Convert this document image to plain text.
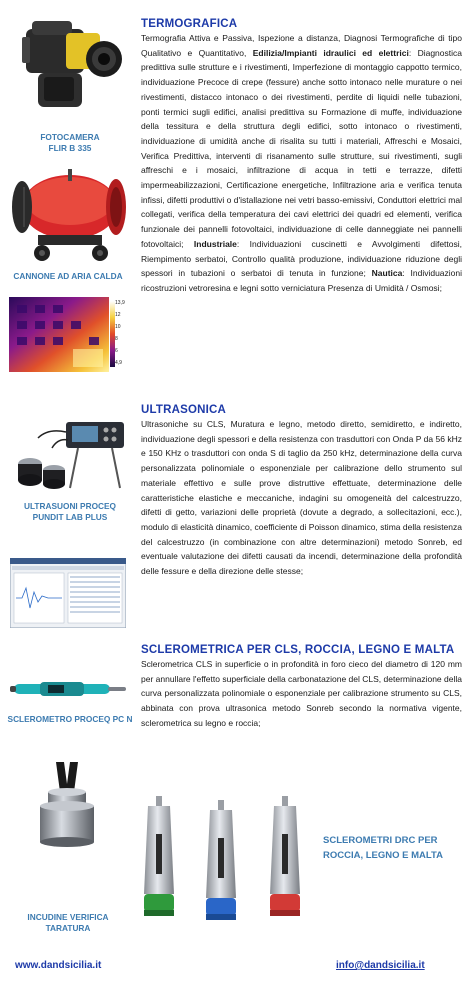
FOTOCAMERA
FLIR B 335
CANNONE AD ARIA CALDA
13,9
12
10
8
6
4,9
ULTRASUONI PROCEQ
PUNDIT LAB PLUS
SCLEROMETRO PROCEQ PC N
INCUDINE VERIFICA
TARATURA
SCLEROMETRI DRC PER
ROCCIA, LEGNO E MALTA
TERMOGRAFICA
Termografia Attiva e Passiva, Ispezione a distanza, Diagnosi Termografiche di tipo Qualitativo e Quantitativo, Edilizia/Impianti idraulici ed elettrici: Diagnostica predittiva sulle strutture e i rivestimenti, Imperfezione di montaggio cappotto termico, individuazione Precoce di crepe (fessure) anche sotto intonaco nelle murature o nei rivestimenti, distacco intonaco o dei rivestimenti, perdite di liquidi nelle tubazioni, ponti termici sugli edifici, analisi predittiva su Formazione di muffe, individuazione della tessitura e della struttura degli edifici, sotto intonaco o rivestimenti, individuazione di umidità anche di risalita su tutti i materiali, Affreschi e Mosaici, Verifica Predittiva, interventi di risanamento sulle strutture, sui rivestimenti, sugli affreschi e i mosaici, infiltrazione di acqua in tetti e terrazze, difetti impermeabilizzazioni, Certificazione energetiche, Infiltrazione aria e verifica tenuta infissi, difetti produttivi o d'istallazione nei vetri basso-emissivi, Conduttori elettrici mal collegati, verifica della temperatura dei cavi elettrici dei quadri ed elementi, verifica funzionale dei pannelli fotovoltaici, individuazione di celle danneggiate nei pannelli fotovoltaici; Industriale: Individuazioni cuscinetti e Avvolgimenti difettosi, Riempimento serbatoi, Controllo qualità produzione, individuazione riduzione degli spessori in tubazioni o serbatoi di tenuta in funzione; Nautica: Individuazioni ricostruzioni vetroresina e legni sotto verniciatura Presenza di Umidità / Osmosi;
ULTRASONICA
Ultrasoniche su CLS, Muratura e legno, metodo diretto, semidiretto, e indiretto, individuazione degli spessori e della resistenza con trasduttori con Onda P da 56 kHz e 150 KHz o trasduttori con onda S di taglio da 250 kHz, determinazione della curva personalizzata polinomiale o esponenziale per calibrazione dello strumento sul materiale effettivo e sulle prove distruttive effettuate, determinazione delle caratteristiche elastiche e meccaniche, indagini su omogeneità del calcestruzzo, difetti di getto, variazioni delle proprietà (dovute a degrado, a sollecitazioni, ecc.), modulo di elasticità dinamico, coefficiente di Poisson dinamico, stima della resistenza del calcestruzzo (in combinazione con altre determinazioni) metodo Sonreb, ed eventuale valutazione dei difetti causati da incendi, determinazione della profondità delle fessure e della direzione delle stesse;
SCLEROMETRICA PER CLS, ROCCIA, LEGNO E MALTA
Sclerometrica CLS in superficie o in profondità in foro cieco del diametro di 120 mm per annullare l'effetto superficiale della carbonatazione del CLS, determinazione della curva personalizzata polinomiale o esponenziale per calibrazione strumento su CLS, abbinata con prova ultrasonica metodo Sonreb secondo la normativa vigente, sclerometrica su legno e roccia;
www.dandsicilia.it	info@dandsicilia.it
